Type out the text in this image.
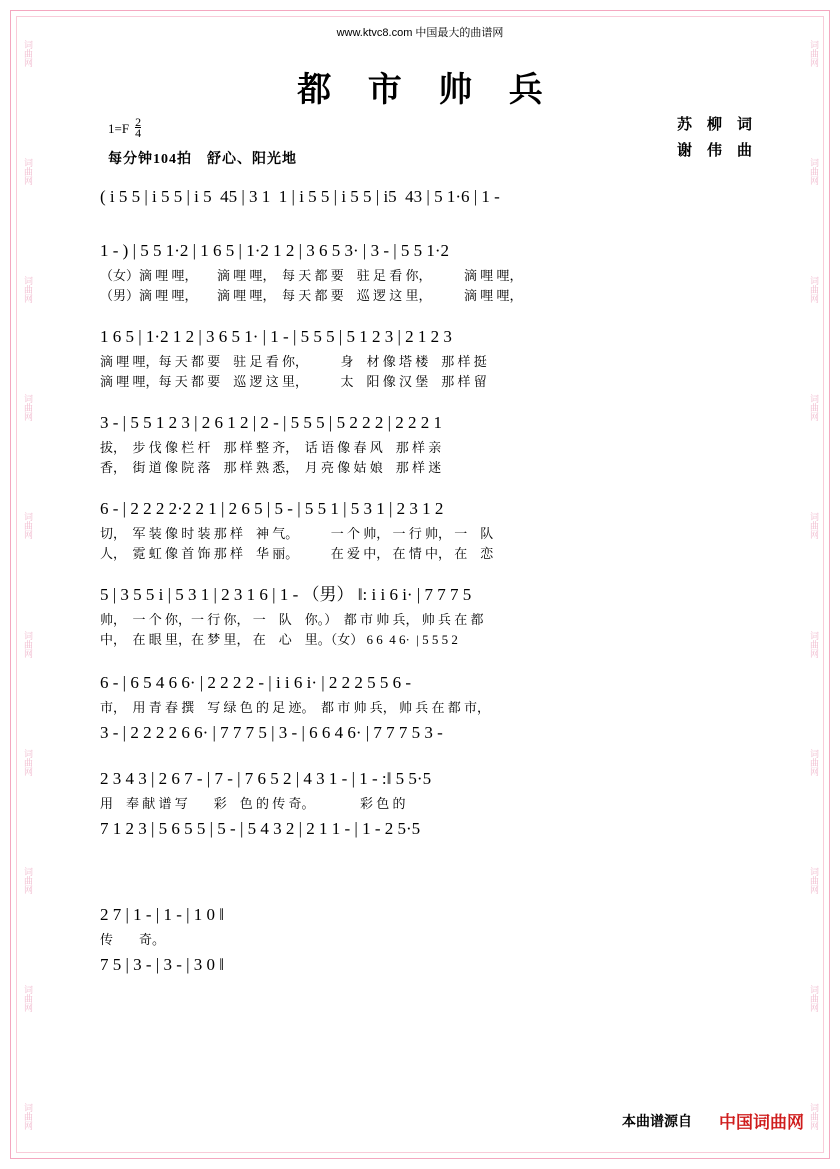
词曲网
词曲网
词曲网
词曲网
词曲网
词曲网
词曲网
词曲网
词曲网
词曲网
词曲网
词曲网
词曲网
词曲网
词曲网
词曲网
词曲网
词曲网
词曲网
词曲网
www.ktvc8.com 中国最大的曲谱网
都 市 帅 兵
$1=F \frac{2}{4}$
每分钟104拍　舒心、阳光地
苏　柳　词
谢　伟　曲
( i 5 5 | i 5 5 | i 5  45 | 3 1  1 | i 5 5 | i 5 5 | i5  43 | 5 1·6 | 1 -
1 - ) | 5 5 1·2 | 1 6 5 | 1·2 1 2 | 3 6 5 3· | 3 - | 5 5 1·2
（女）滴 哩 哩，　　滴 哩 哩，　每 天 都 要　驻 足 看 你，　　　滴 哩 哩，
（男）滴 哩 哩，　　滴 哩 哩，　每 天 都 要　巡 逻 这 里，　　　滴 哩 哩，
1 6 5 | 1·2 1 2 | 3 6 5 1· | 1 - | 5 5 5 | 5 1 2 3 | 2 1 2 3
滴 哩 哩，每 天 都 要　驻 足 看 你，　　　身　材 像 塔 楼　那 样 挺
滴 哩 哩，每 天 都 要　巡 逻 这 里，　　　太　阳 像 汉 堡　那 样 留
3 - | 5 5 1 2 3 | 2 6 1 2 | 2 - | 5 5 5 | 5 2 2 2 | 2 2 2 1
拔，　步 伐 像 栏 杆　那 样 整 齐，　话 语 像 春 风　那 样 亲
香，　街 道 像 院 落　那 样 熟 悉，　月 亮 像 姑 娘　那 样 迷
6 - | 2 2 2 2·2 2 1 | 2 6 5 | 5 - | 5 5 1 | 5 3 1 | 2 3 1 2
切，　军 装 像 时 装 那 样　神 气。　　　一 个 帅， 一 行 帅， 一　队
人，　霓 虹 像 首 饰 那 样　华 丽。　　　在 爱 中， 在 情 中， 在　恋
5 | 3 5 5 i | 5 3 1 | 2 3 1 6 | 1 - （男） ‖: i i 6 i· | 7 7 7 5
帅，　一 个 你，一 行 你， 一　队　你。）　都 市 帅 兵， 帅 兵 在 都
中，　在 眼 里，在 梦 里， 在　心　里。（女） 6 6  4 6·  | 5 5 5 2
6 - | 6 5 4 6 6· | 2 2 2 2 - | i i 6 i· | 2 2 2 5 5 6 -
市，　用 青 春 撰　写 绿 色 的 足 迹。　都 市 帅 兵， 帅 兵 在 都 市，
3 - | 2 2 2 2 6 6· | 7 7 7 5 | 3 - | 6 6 4 6· | 7 7 7 5 3 -
2 3 4 3 | 2 6 7 - | 7 - | 7 6 5 2 | 4 3 1 - | 1 - :‖ 5 5·5
用　奉 献 谱 写　　彩　色 的 传 奇。　　　　彩 色 的
7 1 2 3 | 5 6 5 5 | 5 - | 5 4 3 2 | 2 1 1 - | 1 - 2 5·5
2 7 | 1 - | 1 - | 1 0 ‖
传　　奇。
7 5 | 3 - | 3 - | 3 0 ‖
本曲谱源自 中国词曲网
